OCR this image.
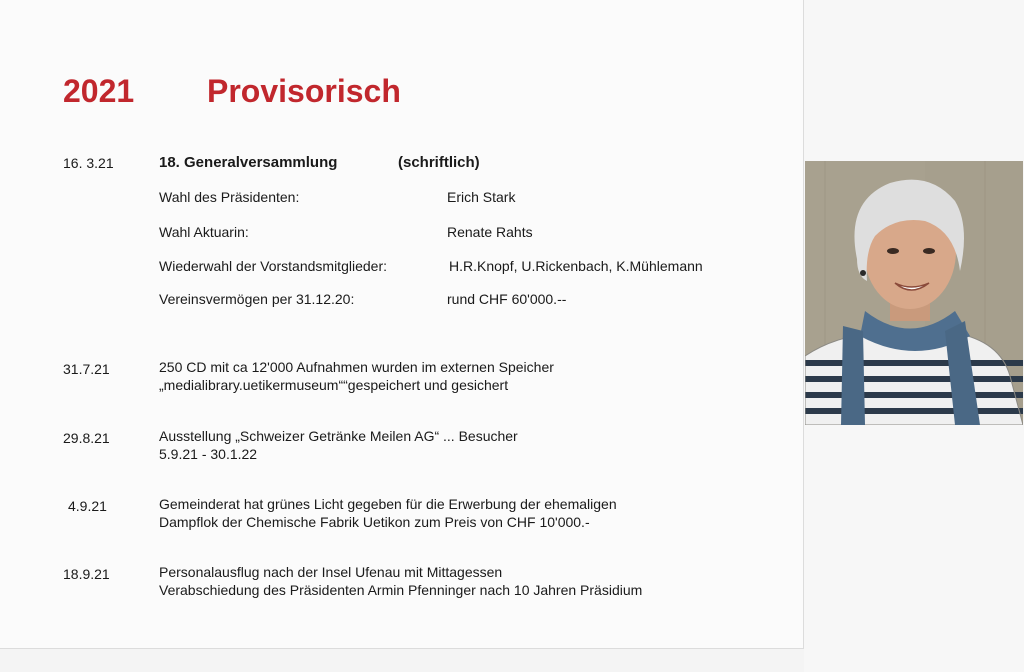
2021 Provisorisch
16. 3.21	18. Generalversammlung	(schriftlich)
Wahl des Präsidenten:	Erich Stark
Wahl Aktuarin:	Renate Rahts
Wiederwahl der Vorstandsmitglieder:	H.R.Knopf, U.Rickenbach, K.Mühlemann
Vereinsvermögen per 31.12.20:	rund CHF 60'000.--
31.7.21	250 CD mit ca 12'000 Aufnahmen wurden im externen Speicher
„medialibrary.uetikermuseum““gespeichert und gesichert
29.8.21	Ausstellung „Schweizer Getränke Meilen AG“ ... Besucher
5.9.21 - 30.1.22
4.9.21	Gemeinderat hat grünes Licht gegeben für die Erwerbung der ehemaligen
Dampflok der Chemische Fabrik Uetikon zum Preis von CHF 10'000.-
18.9.21	Personalausflug nach der Insel Ufenau mit Mittagessen
Verabschiedung des Präsidenten Armin Pfenninger nach 10 Jahren Präsidium
